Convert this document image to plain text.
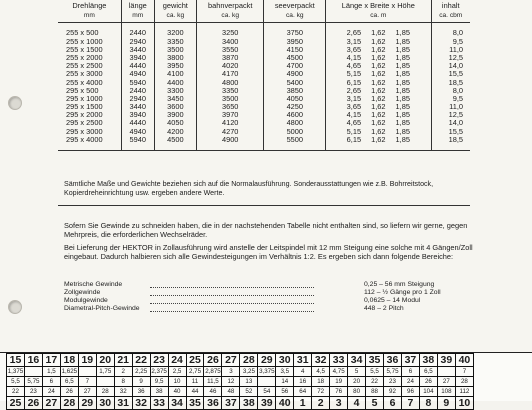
Drehlänge	länge	gewicht	bahnverpackt	seeverpackt	Länge x Breite x Höhe	inhalt
mm	mm	ca. kg	ca. kg	ca. kg	ca. m	ca. cbm

255 x 500	2440	3200	3250	3750	2,65 1,62 1,85	8,0
255 x 1000	2940	3350	3400	3950	3,15 1,62 1,85	9,5
255 x 1500	3440	3500	3550	4150	3,65 1,62 1,85	11,0
255 x 2000	3940	3800	3870	4500	4,15 1,62 1,85	12,5
255 x 2500	4440	3950	4020	4700	4,65 1,62 1,85	14,0
255 x 3000	4940	4100	4170	4900	5,15 1,62 1,85	15,5
255 x 4000	5940	4400	4800	5400	6,15 1,62 1,85	18,5
295 x 500	2440	3300	3350	3850	2,65 1,62 1,85	8,0
295 x 1000	2940	3450	3500	4050	3,15 1,62 1,85	9,5
295 x 1500	3440	3600	3650	4250	3,65 1,62 1,85	11,0
295 x 2000	3940	3900	3970	4600	4,15 1,62 1,85	12,5
295 x 2500	4440	4050	4120	4800	4,65 1,62 1,85	14,0
295 x 3000	4940	4200	4270	5000	5,15 1,62 1,85	15,5
295 x 4000	5940	4500	4900	5500	6,15 1,62 1,85	18,5

Sämtliche Maße und Gewichte beziehen sich auf die Normalausführung. Sonderausstattungen wie z.B. Bohrreitstock, Kopierdreheinrichtung usw. ergeben andere Werte.

Sofern Sie Gewinde zu schneiden haben, die in der nachstehenden Tabelle nicht enthalten sind, so liefern wir gerne, gegen Mehrpreis, die erforderlichen Wechselräder.

Bei Lieferung der HEKTOR in Zollausführung wird anstelle der Leitspindel mit 12 mm Steigung eine solche mit 4 Gängen/Zoll eingebaut. Dadurch halbieren sich alle Gewindesteigungen im Verhältnis 1:2. Es ergeben sich dann folgende Bereiche:

Metrische Gewinde	0,25 – 56 mm Steigung
Zollgewinde	112 – ½ Gänge pro 1 Zoll
Modulgewinde	0,0625 – 14 Modul
Diametral-Pitch-Gewinde	448 – 2 Pitch
15	16	17	18	19	20	21	22	23	24	25	26	27	28	29	30	31	32	33	34	35	36	37	38	39	40
1,375		1,5	1,625		1,75	2	2,25	2,375	2,5	2,75	2,875	3	3,25	3,375	3,5	4	4,5	4,75	5	5,5	5,75	6	6,5		7
5,5	5,75	6	6,5	7		8	9	9,5	10	11	11,5	12	13		14	16	18	19	20	22	23	24	26	27	28
22	23	24	26	27	28	32	36	38	40	44	46	48	52	54	56	64	72	76	80	88	92	96	104	108	112
25	26	27	28	29	30	31	32	33	34	35	36	37	38	39	40	1	2	3	4	5	6	7	8	9	10
